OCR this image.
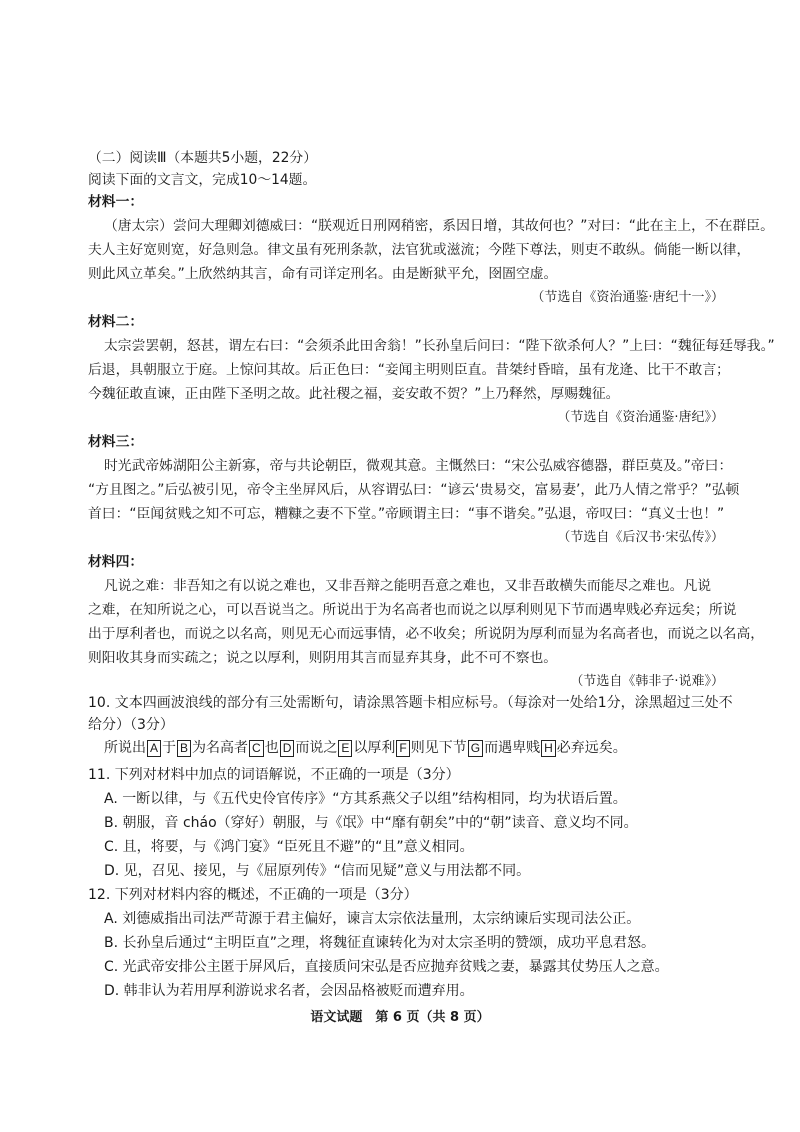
（二）阅读Ⅲ（本题共5小题，22分）
阅读下面的文言文，完成10～14题。
材料一：
（唐太宗）尝问大理卿刘德威曰：“朕观近日刑网稍密，系因日增，其故何也？”对曰：“此在主上，不在群臣。
夫人主好宽则宽，好急则急。律文虽有死刑条款，法官犹或滋流；今陛下尊法，则吏不敢纵。倘能一断以律，
则此风立革矣。”上欣然纳其言，命有司详定刑名。由是断狱平允，囹圄空虚。
（节选自《资治通鉴·唐纪十一》）
材料二：
太宗尝罢朝，怒甚，谓左右曰：“会须杀此田舍翁！”长孙皇后问曰：“陛下欲杀何人？”上曰：“魏征每廷辱我。”
后退，具朝服立于庭。上惊问其故。后正色曰：“妾闻主明则臣直。昔桀纣昏暗，虽有龙逄、比干不敢言；
今魏征敢直谏，正由陛下圣明之故。此社稷之福，妾安敢不贺？”上乃释然，厚赐魏征。
（节选自《资治通鉴·唐纪》）
材料三：
时光武帝姊湖阳公主新寡，帝与共论朝臣，微观其意。主慨然曰：“宋公弘威容德器，群臣莫及。”帝曰：
“方且图之。”后弘被引见，帝令主坐屏风后，从容谓弘曰：“谚云‘贵易交，富易妻’，此乃人情之常乎？”弘顿
首曰：“臣闻贫贱之知不可忘，糟糠之妻不下堂。”帝顾谓主曰：“事不谐矣。”弘退，帝叹曰：“真义士也！”
（节选自《后汉书·宋弘传》）
材料四：
凡说之难：非吾知之有以说之难也，又非吾辩之能明吾意之难也，又非吾敢横失而能尽之难也。凡说
之难，在知所说之心，可以吾说当之。所说出于为名高者也而说之以厚利则见下节而遇卑贱必弃远矣；所说
出于厚利者也，而说之以名高，则见无心而远事情，必不收矣；所说阴为厚利而显为名高者也，而说之以名高，
则阳收其身而实疏之；说之以厚利，则阴用其言而显弃其身，此不可不察也。
（节选自《韩非子·说难》）
10. 文本四画波浪线的部分有三处需断句，请涂黑答题卡相应标号。（每涂对一处给1分，涂黑超过三处不
给分）（3分）
所说出 A 于 B 为名高者 C 也 D 而说之 E 以厚利 F 则见下节 G 而遇卑贱 H 必弃远矣。
11. 下列对材料中加点的词语解说，不正确的一项是（3分）
A. 一断以律，与《五代史伶官传序》“方其系燕父子以组”结构相同，均为状语后置。
B. 朝服，音 cháo（穿好）朝服，与《氓》中“靡有朝矣”中的“朝”读音、意义均不同。
C. 且，将要，与《鸿门宴》“臣死且不避”的“且”意义相同。
D. 见，召见、接见，与《屈原列传》“信而见疑”意义与用法都不同。
12. 下列对材料内容的概述，不正确的一项是（3分）
A. 刘德威指出司法严苛源于君主偏好，谏言太宗依法量刑，太宗纳谏后实现司法公正。
B. 长孙皇后通过“主明臣直”之理，将魏征直谏转化为对太宗圣明的赞颂，成功平息君怒。
C. 光武帝安排公主匿于屏风后，直接质问宋弘是否应抛弃贫贱之妻，暴露其仗势压人之意。
D. 韩非认为若用厚利游说求名者，会因品格被贬而遭弃用。
语文试题　第 6 页（共 8 页）
